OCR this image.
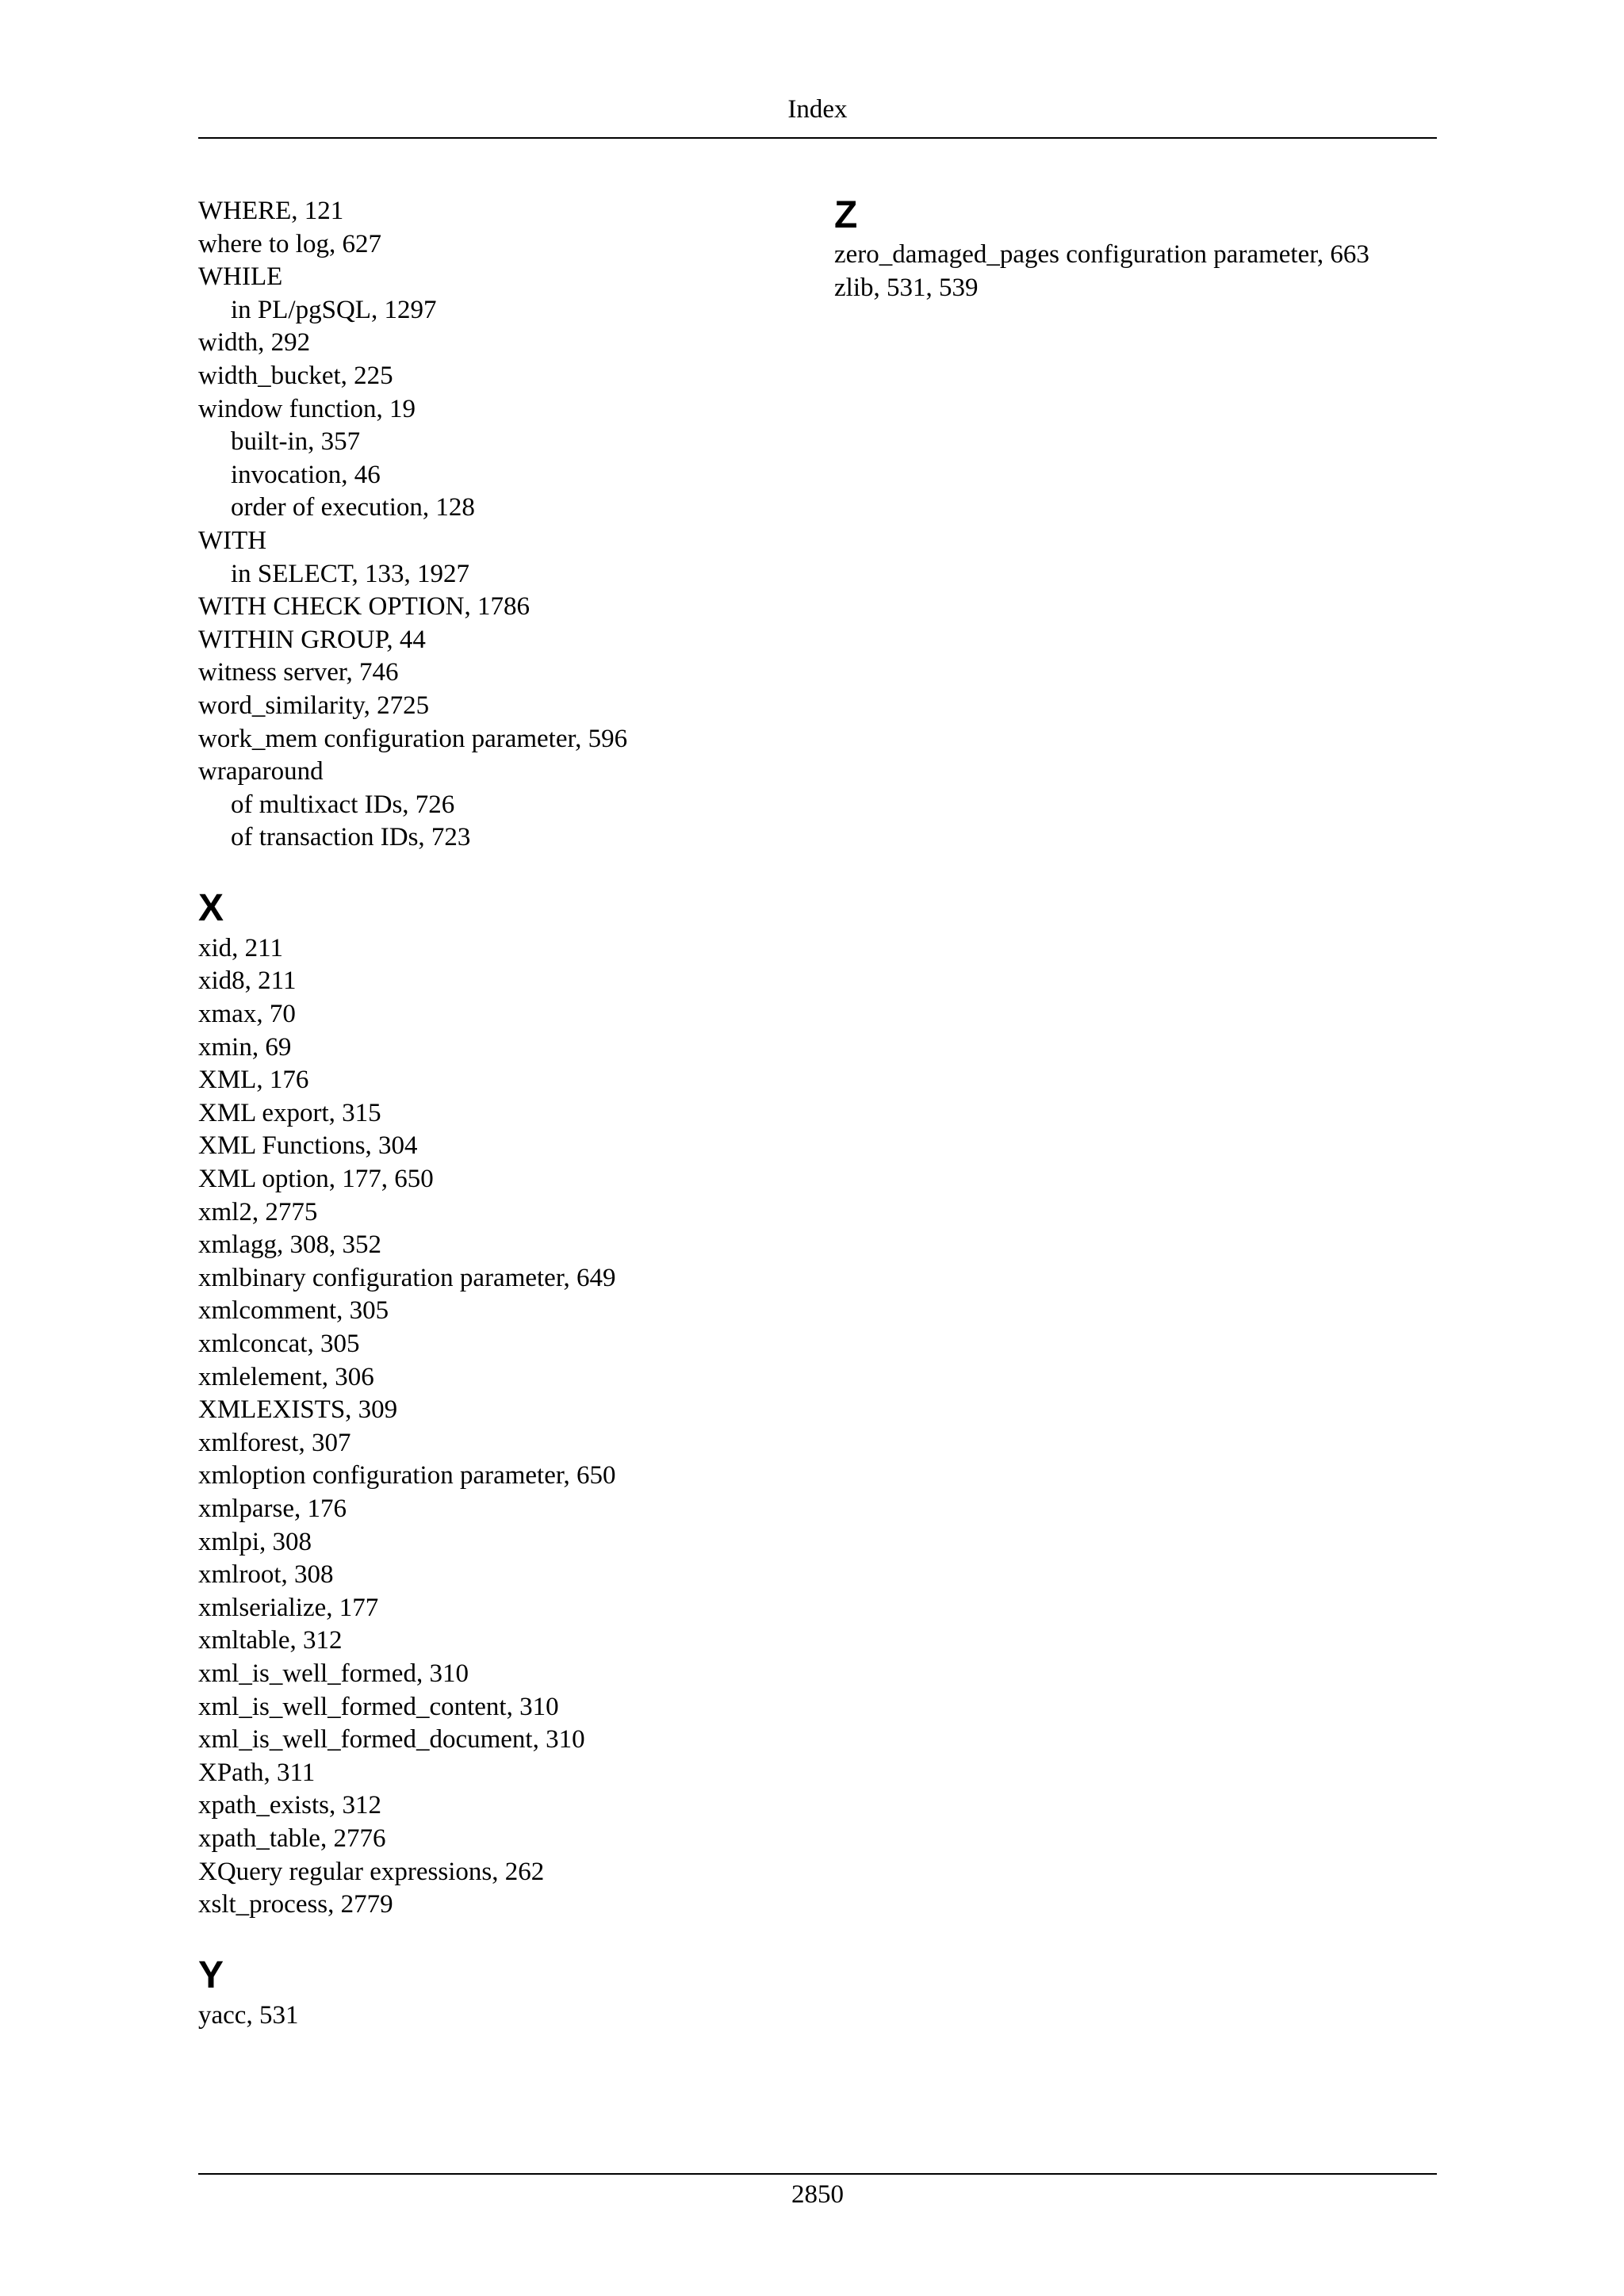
Index
WHERE, 121
where to log, 627
WHILE
in PL/pgSQL, 1297
width, 292
width_bucket, 225
window function, 19
built-in, 357
invocation, 46
order of execution, 128
WITH
in SELECT, 133, 1927
WITH CHECK OPTION, 1786
WITHIN GROUP, 44
witness server, 746
word_similarity, 2725
work_mem configuration parameter, 596
wraparound
of multixact IDs, 726
of transaction IDs, 723
X
xid, 211
xid8, 211
xmax, 70
xmin, 69
XML, 176
XML export, 315
XML Functions, 304
XML option, 177, 650
xml2, 2775
xmlagg, 308, 352
xmlbinary configuration parameter, 649
xmlcomment, 305
xmlconcat, 305
xmlelement, 306
XMLEXISTS, 309
xmlforest, 307
xmloption configuration parameter, 650
xmlparse, 176
xmlpi, 308
xmlroot, 308
xmlserialize, 177
xmltable, 312
xml_is_well_formed, 310
xml_is_well_formed_content, 310
xml_is_well_formed_document, 310
XPath, 311
xpath_exists, 312
xpath_table, 2776
XQuery regular expressions, 262
xslt_process, 2779
Y
yacc, 531
Z
zero_damaged_pages configuration parameter, 663
zlib, 531, 539
2850
